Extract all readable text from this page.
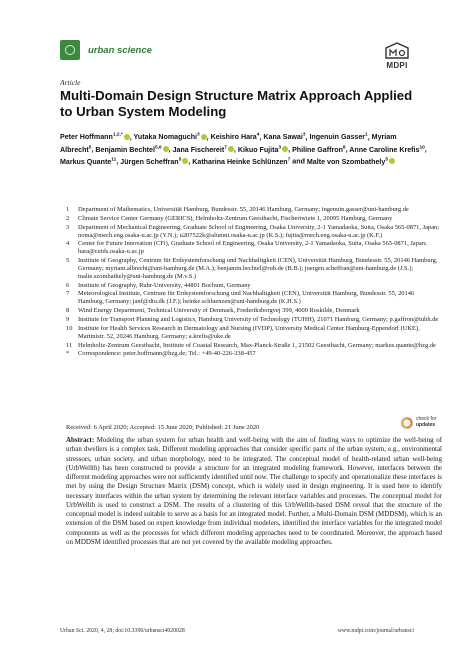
urban science
MDPI
Article
Multi-Domain Design Structure Matrix Approach Applied to Urban System Modeling
Peter Hoffmann$^{1,2,*}$ , Yutaka Nomaguchi$^3$ , Keishiro Hara$^4$, Kana Sawai$^3$, Ingenuin Gasser$^1$, Myriam Albrecht$^5$, Benjamin Bechtel$^{5,6}$ , Jana Fischereit$^7$ , Kikuo Fujita$^3$ , Philine Gaffron$^8$, Anne Caroline Krefis$^{10}$, Markus Quante$^{11}$, Jürgen Scheffran$^5$ , Katharina Heinke Schlünzen$^7$ and Malte von Szombathely$^5$
1 Department of Mathematics, Universität Hamburg, Bundesstr. 55, 20146 Hamburg, Germany; ingenuin.gasser@uni-hamburg.de
2 Climate Service Center Germany (GERICS), Helmholtz-Zentrum Geesthacht, Fischertwiete 1, 20095 Hamburg, Germany
3 Department of Mechanical Engineering, Graduate School of Engineering, Osaka University, 2-1 Yamadaoka, Suita, Osaka 565-0871, Japan; noma@mech.eng.osaka-u.ac.jp (Y.N.); u207522k@alumni.osaka-u.ac.jp (K.S.); fujita@mech.eng.osaka-u.ac.jp (K.F.)
4 Center for Future Innovation (CFi), Graduate School of Engineering, Osaka University, 2-1 Yamadaoka, Suita, Osaka 565-0871, Japan; hara@ceids.osaka-u.ac.jp
5 Institute of Geography, Centrum für Erdsystemforschung und Nachhaltigkeit (CEN), Universität Hamburg, Bundesstr. 55, 20146 Hamburg, Germany; myriam.albrecht@uni-hamburg.de (M.A.); benjamin.bechtel@rub.de (B.B.); juergen.scheffran@uni-hamburg.de (J.S.); malte.szombathely@uni-hamburg.de (M.v.S.)
6 Institute of Geography, Ruhr-University, 44801 Bochum, Germany
7 Meteorological Institute, Centrum für Erdsystemforschung und Nachhaltigkeit (CEN), Universität Hamburg, Bundesstr. 55, 20146 Hamburg, Germany; janf@dtu.dk (J.F.); heinke.schluenzen@uni-hamburg.de (K.H.S.)
8 Wind Energy Department, Technical University of Denmark, Frederiksborgvej 399, 4000 Roskilde, Denmark
9 Institute for Transport Planning and Logistics, Hamburg University of Technology (TUHH), 21071 Hamburg, Germany; p.gaffron@tuhh.de
10 Institute for Health Services Research in Dermatology and Nursing (IVDP), University Medical Center Hamburg-Eppendorf (UKE), Martinistr. 52, 20246 Hamburg, Germany; a.krefis@uke.de
11 Helmholtz-Zentrum Geesthacht, Institute of Coastal Research, Max-Planck-Straße 1, 21502 Geesthacht, Germany; markus.quante@hzg.de
* Correspondence: peter.hoffmann@hzg.de; Tel.: +49-40-226-338-457
Received: 6 April 2020; Accepted: 15 June 2020; Published: 21 June 2020
check for
updates
Abstract: Modeling the urban system for urban health and well-being with the aim of finding ways to optimize the well-being of urban dwellers is a complex task. Different modeling approaches that consider specific parts of the urban system, e.g., environmental stressors, urban society, and urban morphology, need to be integrated. The conceptual model of health-related urban well-being (UrbWellth) has been constructed to provide a structure for an integrated modeling framework. However, interfaces between the different modeling approaches were not sufficiently identified until now. The challenge to specify and operationalize these interfaces is met by using the Design Structure Matrix (DSM) concept, which is widely used in design engineering. It is used here to identify necessary interfaces within the urban system by determining the relevant interface variables and processes. The conceptual model for UrbWellth is used to construct a DSM. The results of a clustering of this UrbWellth-based DSM reveal that the structure of the conceptual model is indeed suitable to serve as a basis for an integrated model. Further, a Multi-Domain DSM (MDDSM), which is an extension of the DSM based on expert knowledge from individual modelers, identified the interface variables for the integrated model components as well as the processes for which different modeling approaches need to be coordinated. Moreover, the approach based on MDDSM identified processes that are not yet covered by the available modeling approaches.
Urban Sci. 2020, 4, 28; doi:10.3390/urbansci4020028	www.mdpi.com/journal/urbansci
